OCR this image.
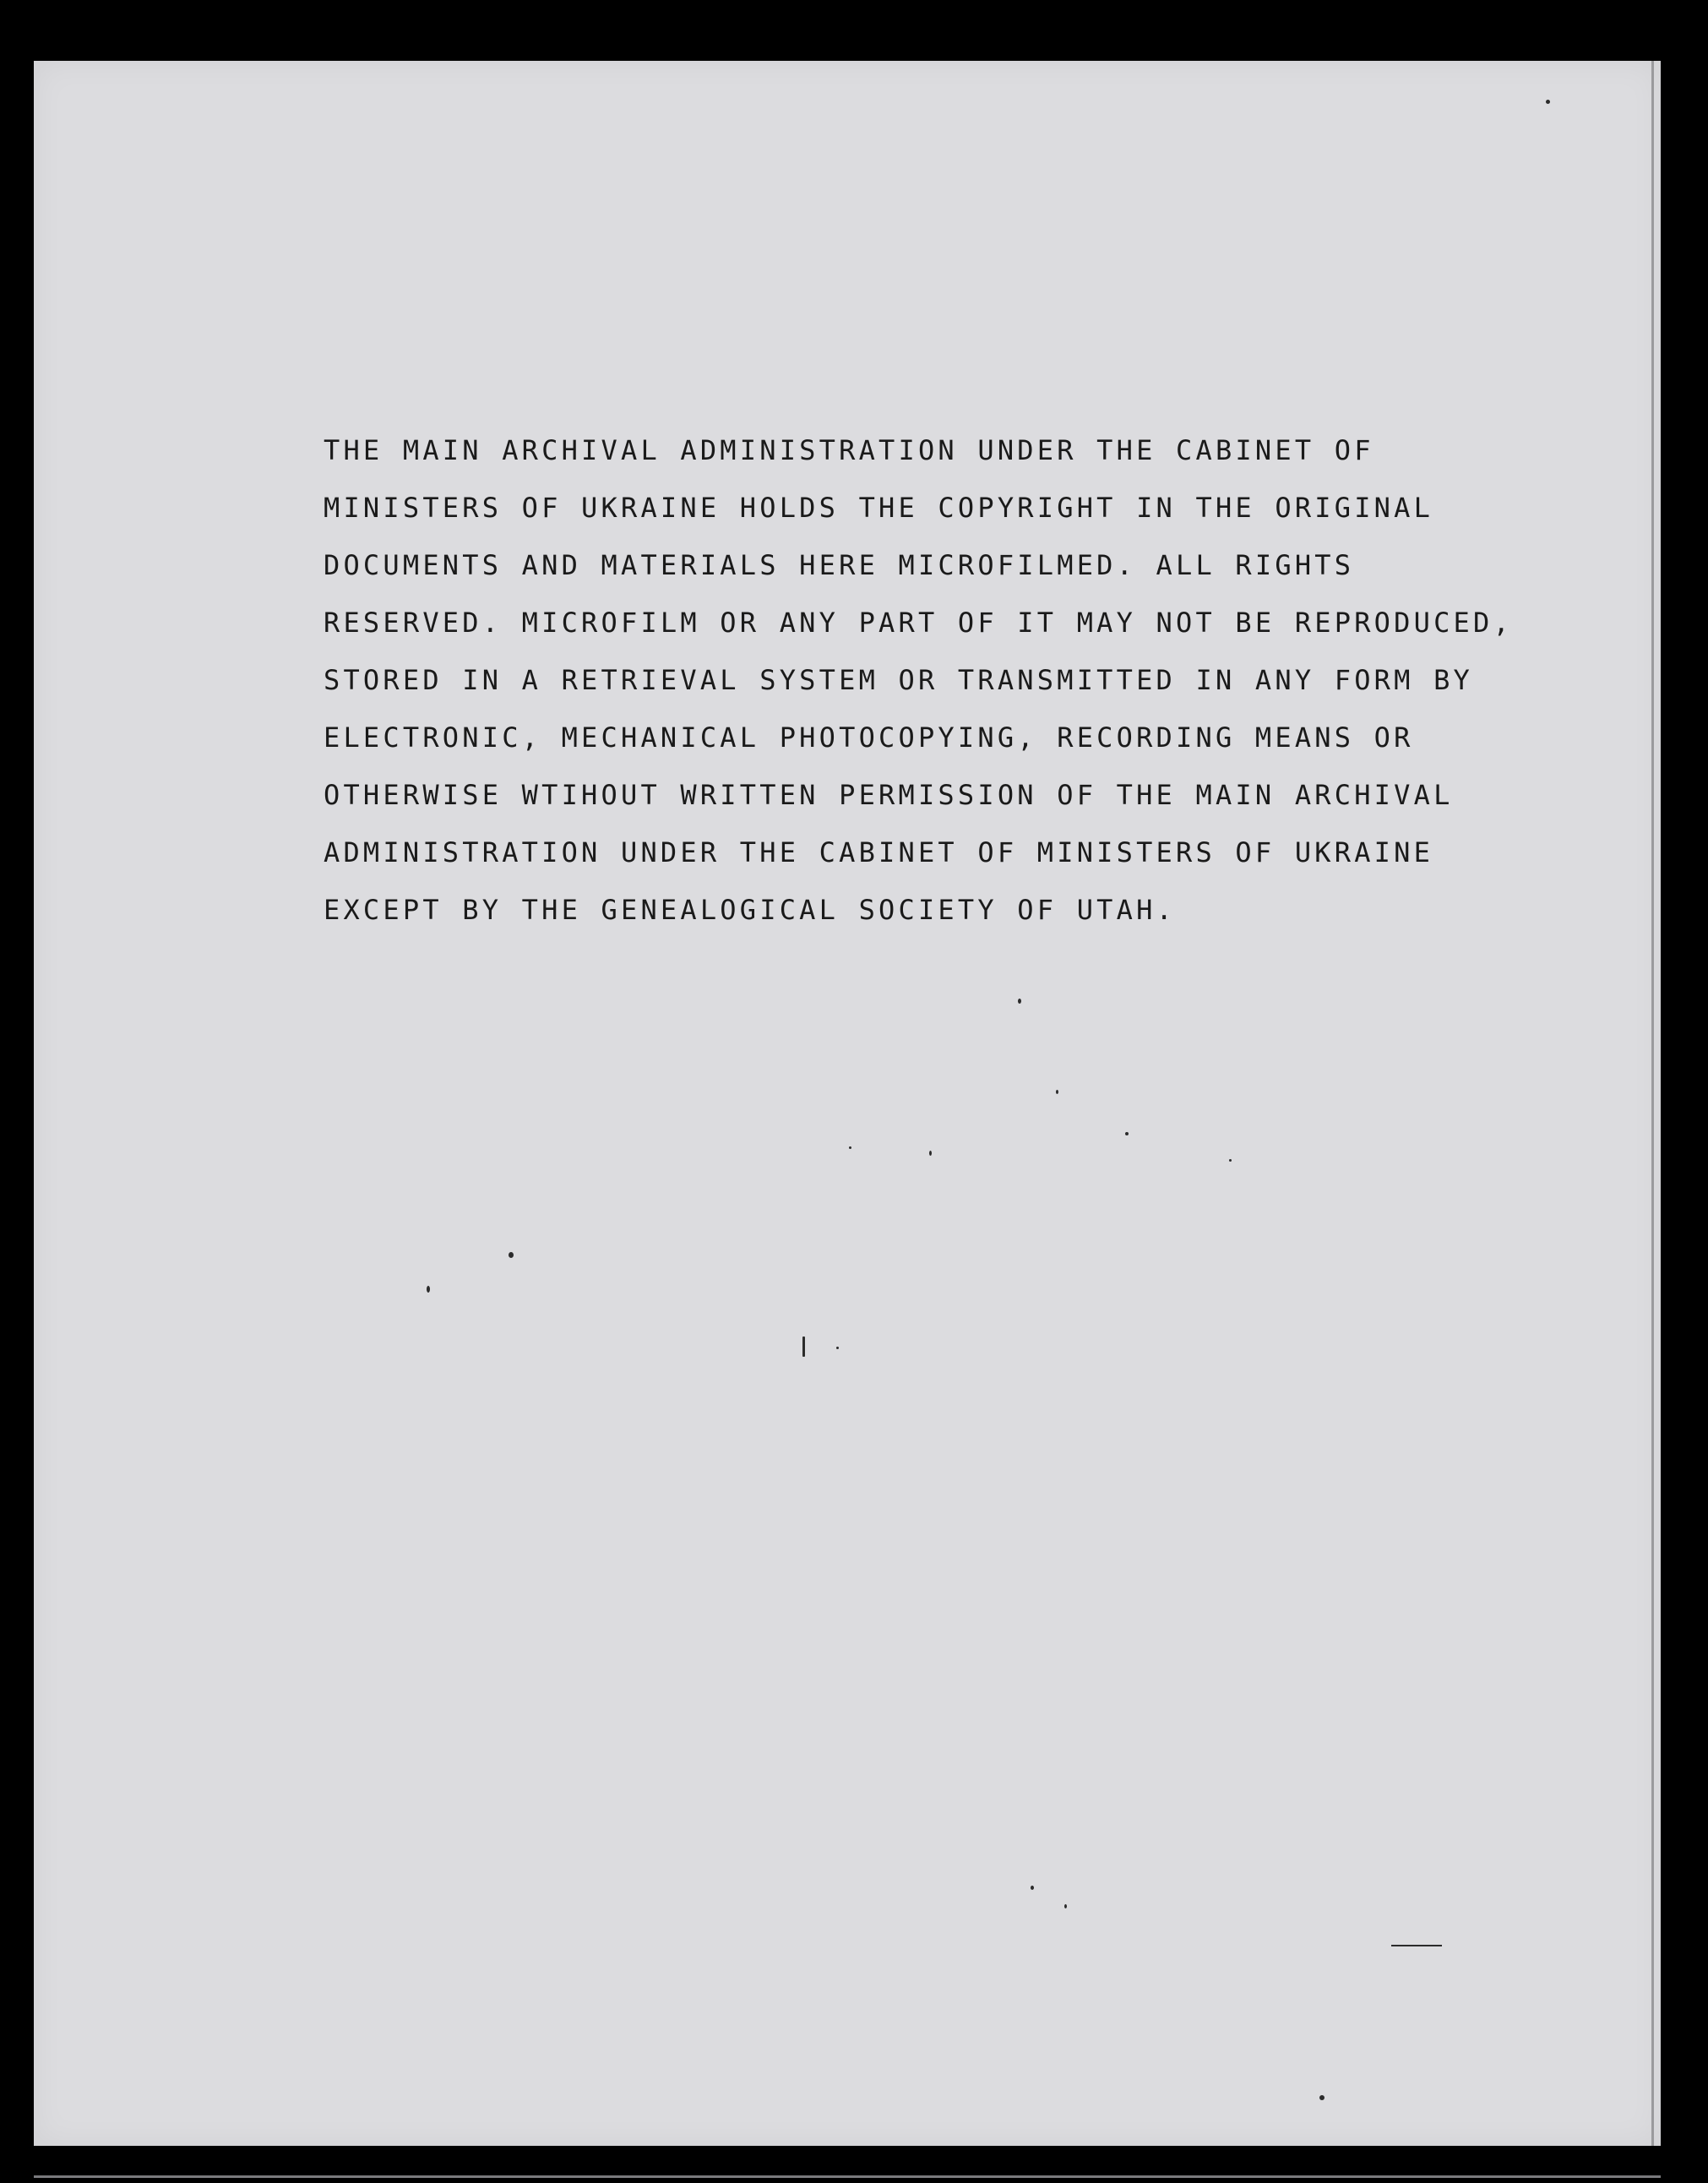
THE MAIN ARCHIVAL ADMINISTRATION UNDER THE CABINET OF
MINISTERS OF UKRAINE HOLDS THE COPYRIGHT IN THE ORIGINAL
DOCUMENTS AND MATERIALS HERE MICROFILMED. ALL RIGHTS
RESERVED. MICROFILM OR ANY PART OF IT MAY NOT BE REPRODUCED,
STORED IN A RETRIEVAL SYSTEM OR TRANSMITTED IN ANY FORM BY
ELECTRONIC, MECHANICAL PHOTOCOPYING, RECORDING MEANS OR
OTHERWISE WTIHOUT WRITTEN PERMISSION OF THE MAIN ARCHIVAL
ADMINISTRATION UNDER THE CABINET OF MINISTERS OF UKRAINE
EXCEPT BY THE GENEALOGICAL SOCIETY OF UTAH.
